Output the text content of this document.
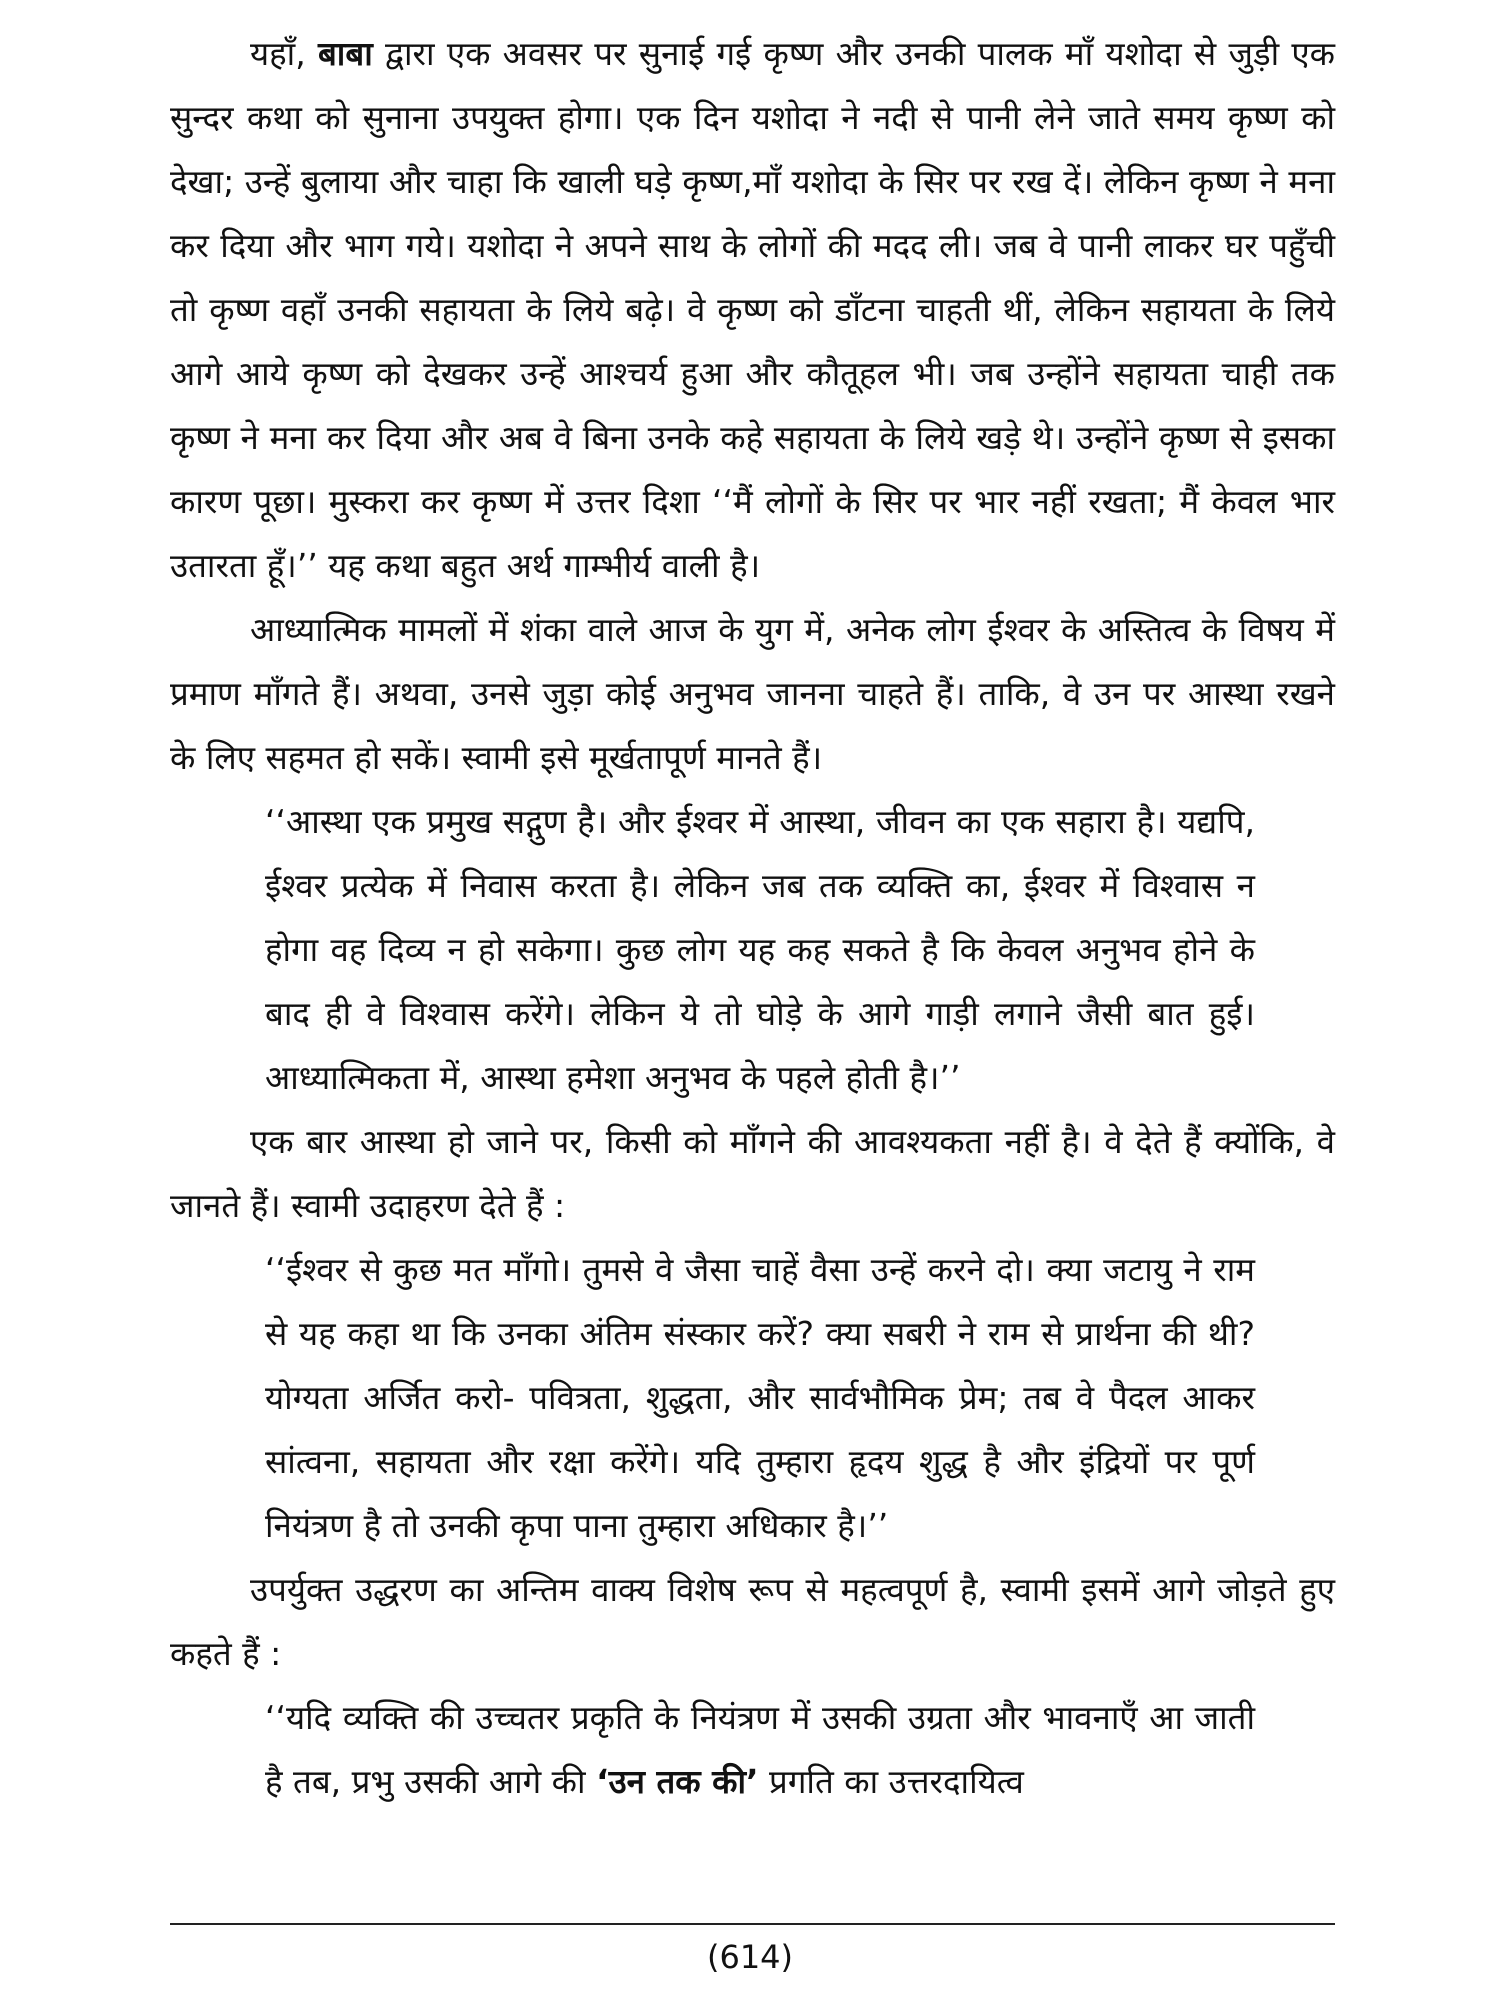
यहाँ, बाबा द्वारा एक अवसर पर सुनाई गई कृष्ण और उनकी पालक माँ यशोदा से जुड़ी एक सुन्दर कथा को सुनाना उपयुक्त होगा। एक दिन यशोदा ने नदी से पानी लेने जाते समय कृष्ण को देखा; उन्हें बुलाया और चाहा कि खाली घड़े कृष्ण,माँ यशोदा के सिर पर रख दें। लेकिन कृष्ण ने मना कर दिया और भाग गये। यशोदा ने अपने साथ के लोगों की मदद ली। जब वे पानी लाकर घर पहुँची तो कृष्ण वहाँ उनकी सहायता के लिये बढ़े। वे कृष्ण को डाँटना चाहती थीं, लेकिन सहायता के लिये आगे आये कृष्ण को देखकर उन्हें आश्चर्य हुआ और कौतूहल भी। जब उन्होंने सहायता चाही तक कृष्ण ने मना कर दिया और अब वे बिना उनके कहे सहायता के लिये खड़े थे। उन्होंने कृष्ण से इसका कारण पूछा। मुस्करा कर कृष्ण में उत्तर दिशा ‘‘मैं लोगों के सिर पर भार नहीं रखता; मैं केवल भार उतारता हूँ।’’ यह कथा बहुत अर्थ गाम्भीर्य वाली है।

आध्यात्मिक मामलों में शंका वाले आज के युग में, अनेक लोग ईश्वर के अस्तित्व के विषय में प्रमाण माँगते हैं। अथवा, उनसे जुड़ा कोई अनुभव जानना चाहते हैं। ताकि, वे उन पर आस्था रखने के लिए सहमत हो सकें। स्वामी इसे मूर्खतापूर्ण मानते हैं।

‘‘आस्था एक प्रमुख सद्गुण है। और ईश्वर में आस्था, जीवन का एक सहारा है। यद्यपि, ईश्वर प्रत्येक में निवास करता है। लेकिन जब तक व्यक्ति का, ईश्वर में विश्वास न होगा वह दिव्य न हो सकेगा। कुछ लोग यह कह सकते है कि केवल अनुभव होने के बाद ही वे विश्वास करेंगे। लेकिन ये तो घोड़े के आगे गाड़ी लगाने जैसी बात हुई। आध्यात्मिकता में, आस्था हमेशा अनुभव के पहले होती है।’’

एक बार आस्था हो जाने पर, किसी को माँगने की आवश्यकता नहीं है। वे देते हैं क्योंकि, वे जानते हैं। स्वामी उदाहरण देते हैं :

‘‘ईश्वर से कुछ मत माँगो। तुमसे वे जैसा चाहें वैसा उन्हें करने दो। क्या जटायु ने राम से यह कहा था कि उनका अंतिम संस्कार करें? क्या सबरी ने राम से प्रार्थना की थी? योग्यता अर्जित करो- पवित्रता, शुद्धता, और सार्वभौमिक प्रेम; तब वे पैदल आकर सांत्वना, सहायता और रक्षा करेंगे। यदि तुम्हारा हृदय शुद्ध है और इंद्रियों पर पूर्ण नियंत्रण है तो उनकी कृपा पाना तुम्हारा अधिकार है।’’

उपर्युक्त उद्धरण का अन्तिम वाक्य विशेष रूप से महत्वपूर्ण है, स्वामी इसमें आगे जोड़ते हुए कहते हैं :

‘‘यदि व्यक्ति की उच्चतर प्रकृति के नियंत्रण में उसकी उग्रता और भावनाएँ आ जाती है तब, प्रभु उसकी आगे की ‘उन तक की’ प्रगति का उत्तरदायित्व

(614)
